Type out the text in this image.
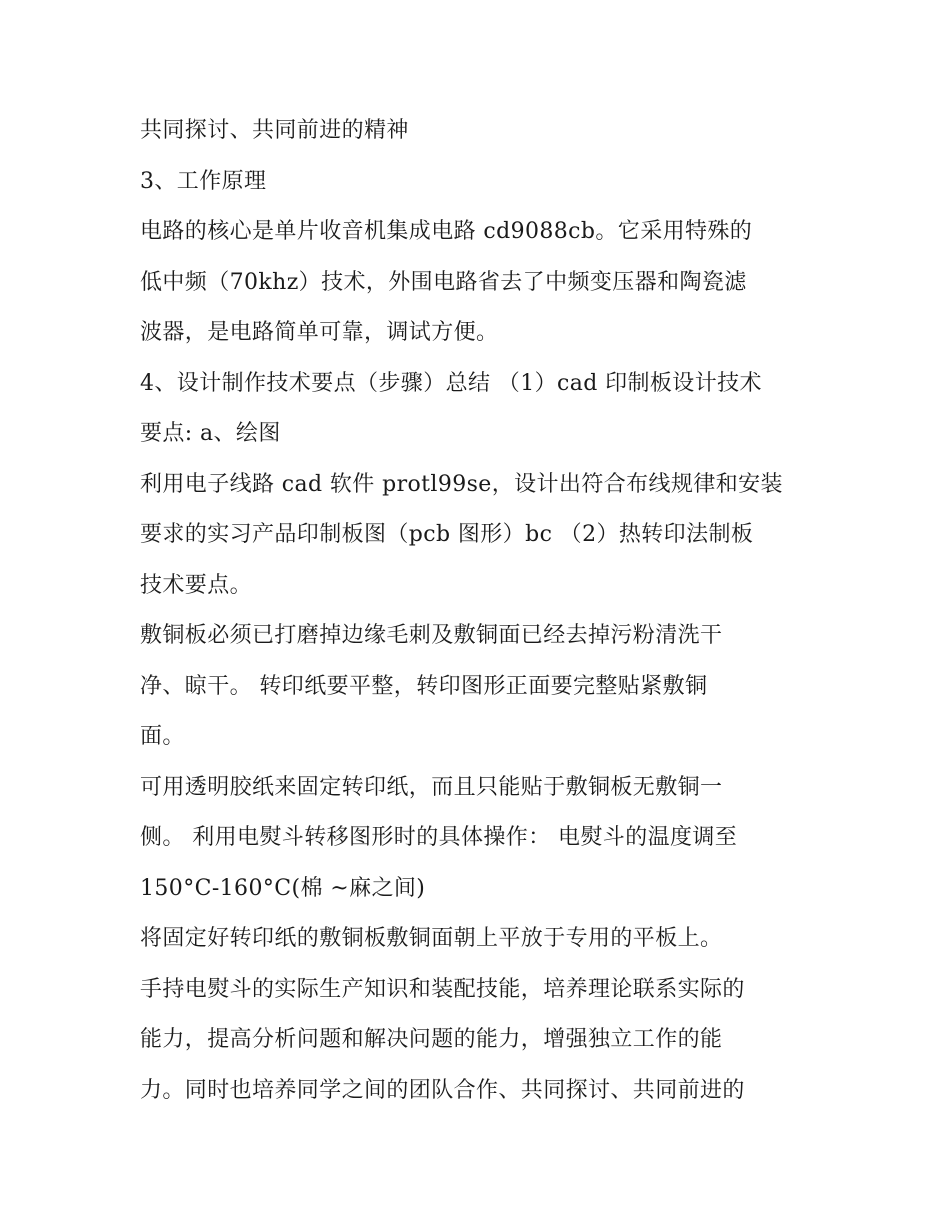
共同探讨、共同前进的精神
3、工作原理
电路的核心是单片收音机集成电路 cd9088cb。它采用特殊的
低中频（70khz）技术，外围电路省去了中频变压器和陶瓷滤
波器，是电路简单可靠，调试方便。
4、设计制作技术要点（步骤）总结 （1）cad 印制板设计技术
要点: a、绘图
利用电子线路 cad 软件 protl99se，设计出符合布线规律和安装
要求的实习产品印制板图（pcb 图形）bc （2）热转印法制板
技术要点。
敷铜板必须已打磨掉边缘毛刺及敷铜面已经去掉污粉清洗干
净、晾干。 转印纸要平整，转印图形正面要完整贴紧敷铜
面。
可用透明胶纸来固定转印纸，而且只能贴于敷铜板无敷铜一
侧。 利用电熨斗转移图形时的具体操作： 电熨斗的温度调至
150°C-160°C(棉 ~麻之间)
将固定好转印纸的敷铜板敷铜面朝上平放于专用的平板上。
手持电熨斗的实际生产知识和装配技能，培养理论联系实际的
能力，提高分析问题和解决问题的能力，增强独立工作的能
力。同时也培养同学之间的团队合作、共同探讨、共同前进的
